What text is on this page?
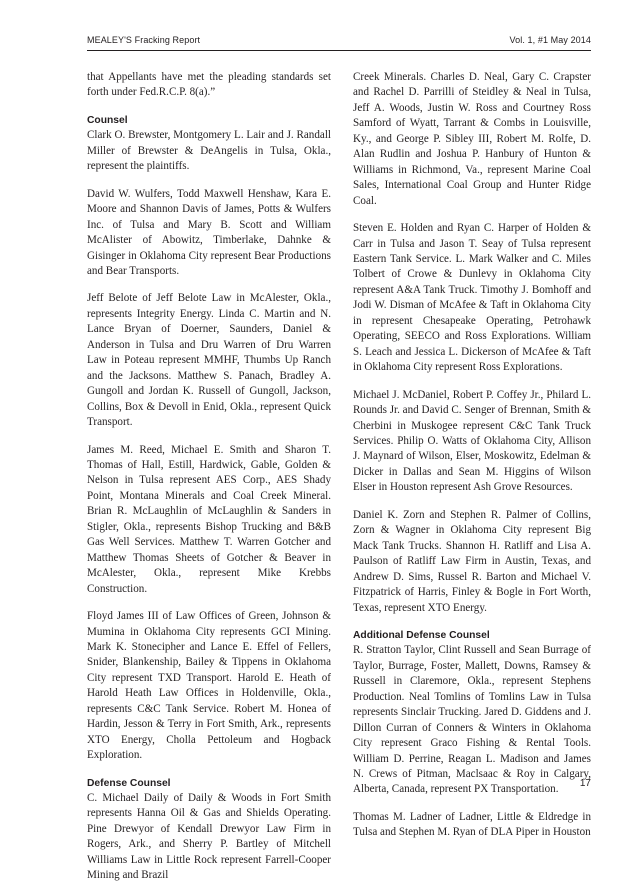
MEALEY'S Fracking Report	Vol. 1, #1 May 2014

that Appellants have met the pleading standards set forth under Fed.R.C.P. 8(a).”

Counsel

Clark O. Brewster, Montgomery L. Lair and J. Randall Miller of Brewster & DeAngelis in Tulsa, Okla., represent the plaintiffs.

David W. Wulfers, Todd Maxwell Henshaw, Kara E. Moore and Shannon Davis of James, Potts & Wulfers Inc. of Tulsa and Mary B. Scott and William McAlister of Abowitz, Timberlake, Dahnke & Gisinger in Oklahoma City represent Bear Productions and Bear Transports.

Jeff Belote of Jeff Belote Law in McAlester, Okla., represents Integrity Energy. Linda C. Martin and N. Lance Bryan of Doerner, Saunders, Daniel & Anderson in Tulsa and Dru Warren of Dru Warren Law in Poteau represent MMHF, Thumbs Up Ranch and the Jacksons. Matthew S. Panach, Bradley A. Gungoll and Jordan K. Russell of Gungoll, Jackson, Collins, Box & Devoll in Enid, Okla., represent Quick Transport.

James M. Reed, Michael E. Smith and Sharon T. Thomas of Hall, Estill, Hardwick, Gable, Golden & Nelson in Tulsa represent AES Corp., AES Shady Point, Montana Minerals and Coal Creek Mineral. Brian R. McLaughlin of McLaughlin & Sanders in Stigler, Okla., represents Bishop Trucking and B&B Gas Well Services. Matthew T. Warren Gotcher and Matthew Thomas Sheets of Gotcher & Beaver in McAlester, Okla., represent Mike Krebbs Construction.

Floyd James III of Law Offices of Green, Johnson & Mumina in Oklahoma City represents GCI Mining. Mark K. Stonecipher and Lance E. Effel of Fellers, Snider, Blankenship, Bailey & Tippens in Oklahoma City represent TXD Transport. Harold E. Heath of Harold Heath Law Offices in Holdenville, Okla., represents C&C Tank Service. Robert M. Honea of Hardin, Jesson & Terry in Fort Smith, Ark., represents XTO Energy, Cholla Pettoleum and Hogback Exploration.

Defense Counsel

C. Michael Daily of Daily & Woods in Fort Smith represents Hanna Oil & Gas and Shields Operating. Pine Drewyor of Kendall Drewyor Law Firm in Rogers, Ark., and Sherry P. Bartley of Mitchell Williams Law in Little Rock represent Farrell-Cooper Mining and Brazil

Creek Minerals. Charles D. Neal, Gary C. Crapster and Rachel D. Parrilli of Steidley & Neal in Tulsa, Jeff A. Woods, Justin W. Ross and Courtney Ross Samford of Wyatt, Tarrant & Combs in Louisville, Ky., and George P. Sibley III, Robert M. Rolfe, D. Alan Rudlin and Joshua P. Hanbury of Hunton & Williams in Richmond, Va., represent Marine Coal Sales, International Coal Group and Hunter Ridge Coal.

Steven E. Holden and Ryan C. Harper of Holden & Carr in Tulsa and Jason T. Seay of Tulsa represent Eastern Tank Service. L. Mark Walker and C. Miles Tolbert of Crowe & Dunlevy in Oklahoma City represent A&A Tank Truck. Timothy J. Bomhoff and Jodi W. Disman of McAfee & Taft in Oklahoma City in represent Chesapeake Operating, Petrohawk Operating, SEECO and Ross Explorations. William S. Leach and Jessica L. Dickerson of McAfee & Taft in Oklahoma City represent Ross Explorations.

Michael J. McDaniel, Robert P. Coffey Jr., Philard L. Rounds Jr. and David C. Senger of Brennan, Smith & Cherbini in Muskogee represent C&C Tank Truck Services. Philip O. Watts of Oklahoma City, Allison J. Maynard of Wilson, Elser, Moskowitz, Edelman & Dicker in Dallas and Sean M. Higgins of Wilson Elser in Houston represent Ash Grove Resources.

Daniel K. Zorn and Stephen R. Palmer of Collins, Zorn & Wagner in Oklahoma City represent Big Mack Tank Trucks. Shannon H. Ratliff and Lisa A. Paulson of Ratliff Law Firm in Austin, Texas, and Andrew D. Sims, Russel R. Barton and Michael V. Fitzpatrick of Harris, Finley & Bogle in Fort Worth, Texas, represent XTO Energy.

Additional Defense Counsel

R. Stratton Taylor, Clint Russell and Sean Burrage of Taylor, Burrage, Foster, Mallett, Downs, Ramsey & Russell in Claremore, Okla., represent Stephens Production. Neal Tomlins of Tomlins Law in Tulsa represents Sinclair Trucking. Jared D. Giddens and J. Dillon Curran of Conners & Winters in Oklahoma City represent Graco Fishing & Rental Tools. William D. Perrine, Reagan L. Madison and James N. Crews of Pitman, Maclsaac & Roy in Calgary, Alberta, Canada, represent PX Transportation.

Thomas M. Ladner of Ladner, Little & Eldredge in Tulsa and Stephen M. Ryan of DLA Piper in Houston

17
